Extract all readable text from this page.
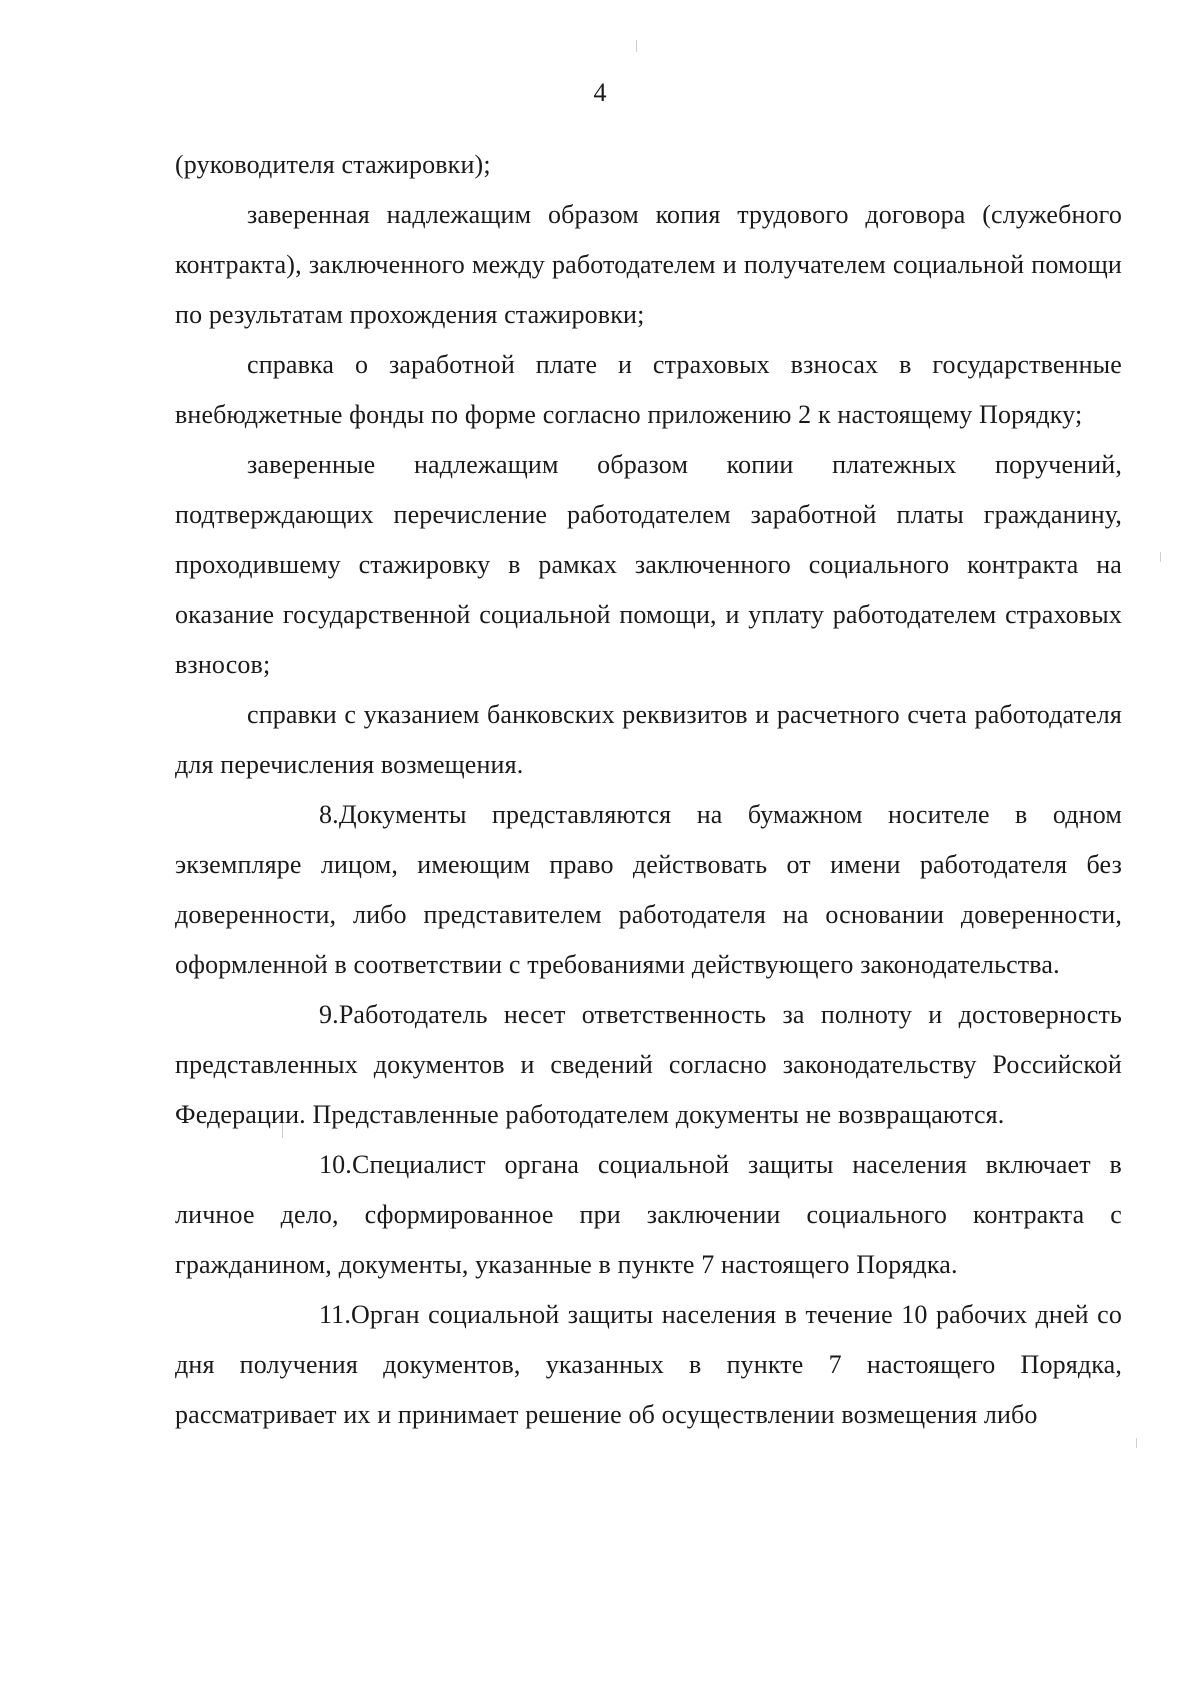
4

(руководителя стажировки);

заверенная надлежащим образом копия трудового договора (служебного контракта), заключенного между работодателем и получателем социальной помощи по результатам прохождения стажировки;

справка о заработной плате и страховых взносах в государственные внебюджетные фонды по форме согласно приложению 2 к настоящему Порядку;

заверенные надлежащим образом копии платежных поручений, подтверждающих перечисление работодателем заработной платы гражданину, проходившему стажировку в рамках заключенного социального контракта на оказание государственной социальной помощи, и уплату работодателем страховых взносов;

справки с указанием банковских реквизитов и расчетного счета работодателя для перечисления возмещения.

8.Документы представляются на бумажном носителе в одном экземпляре лицом, имеющим право действовать от имени работодателя без доверенности, либо представителем работодателя на основании доверенности, оформленной в соответствии с требованиями действующего законодательства.

9.Работодатель несет ответственность за полноту и достоверность представленных документов и сведений согласно законодательству Российской Федерации. Представленные работодателем документы не возвращаются.

10.Специалист органа социальной защиты населения включает в личное дело, сформированное при заключении социального контракта с гражданином, документы, указанные в пункте 7 настоящего Порядка.

11.Орган социальной защиты населения в течение 10 рабочих дней со дня получения документов, указанных в пункте 7 настоящего Порядка, рассматривает их и принимает решение об осуществлении возмещения либо
